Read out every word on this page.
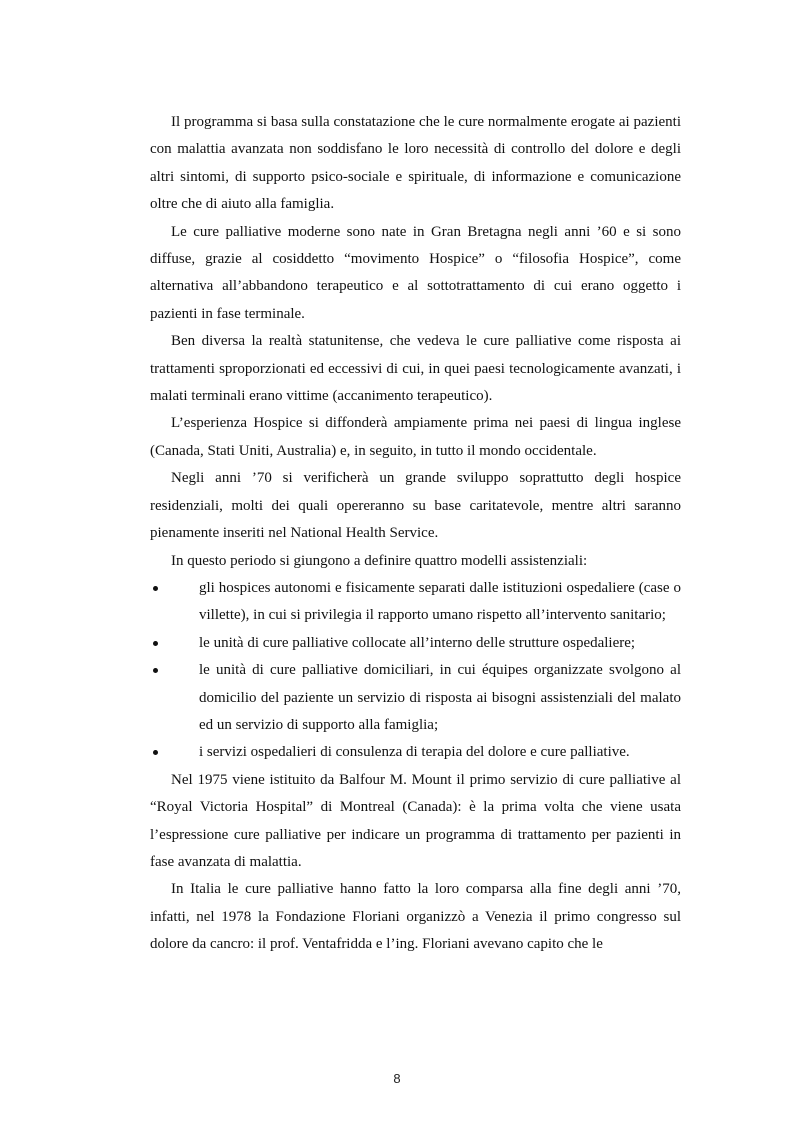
Il programma si basa sulla constatazione che le cure normalmente erogate ai pazienti con malattia avanzata non soddisfano le loro necessità di controllo del dolore e degli altri sintomi, di supporto psico-sociale e spirituale, di informazione e comunicazione oltre che di aiuto alla famiglia.

Le cure palliative moderne sono nate in Gran Bretagna negli anni ’60 e si sono diffuse, grazie al cosiddetto “movimento Hospice” o “filosofia Hospice”, come alternativa all’abbandono terapeutico e al sottotrattamento di cui erano oggetto i pazienti in fase terminale.

Ben diversa la realtà statunitense, che vedeva le cure palliative come risposta ai trattamenti sproporzionati ed eccessivi di cui, in quei paesi tecnologicamente avanzati, i malati terminali erano vittime (accanimento terapeutico).

L’esperienza Hospice si diffonderà ampiamente prima nei paesi di lingua inglese (Canada, Stati Uniti, Australia) e, in seguito, in tutto il mondo occidentale.

Negli anni ’70 si verificherà un grande sviluppo soprattutto degli hospice residenziali, molti dei quali opereranno su base caritatevole, mentre altri saranno pienamente inseriti nel National Health Service.

In questo periodo si giungono a definire quattro modelli assistenziali:

gli hospices autonomi e fisicamente separati dalle istituzioni ospedaliere (case o villette), in cui si privilegia il rapporto umano rispetto all’intervento sanitario;
le unità di cure palliative collocate all’interno delle strutture ospedaliere;
le unità di cure palliative domiciliari, in cui équipes organizzate svolgono al domicilio del paziente un servizio di risposta ai bisogni assistenziali del malato ed un servizio di supporto alla famiglia;
i servizi ospedalieri di consulenza di terapia del dolore e cure palliative.

Nel 1975 viene istituito da Balfour M. Mount il primo servizio di cure palliative al “Royal Victoria Hospital” di Montreal (Canada): è la prima volta che viene usata l’espressione cure palliative per indicare un programma di trattamento per pazienti in fase avanzata di malattia.

In Italia le cure palliative hanno fatto la loro comparsa alla fine degli anni ’70, infatti, nel 1978 la Fondazione Floriani organizzò a Venezia il primo congresso sul dolore da cancro: il prof. Ventafridda e l’ing. Floriani avevano capito che le

8
